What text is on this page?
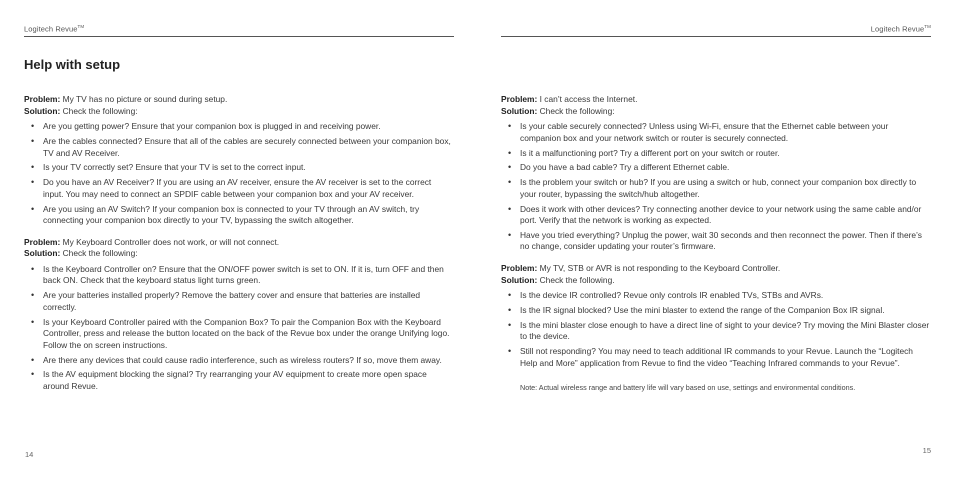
Logitech Revue™
Help with setup
Problem: My TV has no picture or sound during setup.
Solution: Check the following:
• Are you getting power? Ensure that your companion box is plugged in and receiving power.
• Are the cables connected? Ensure that all of the cables are securely connected between your companion box, TV and AV Receiver.
• Is your TV correctly set? Ensure that your TV is set to the correct input.
• Do you have an AV Receiver? If you are using an AV receiver, ensure the AV receiver is set to the correct input. You may need to connect an SPDIF cable between your companion box and your AV receiver.
• Are you using an AV Switch? If your companion box is connected to your TV through an AV switch, try connecting your companion box directly to your TV, bypassing the switch altogether.
Problem: My Keyboard Controller does not work, or will not connect.
Solution: Check the following:
• Is the Keyboard Controller on? Ensure that the ON/OFF power switch is set to ON. If it is, turn OFF and then back ON. Check that the keyboard status light turns green.
• Are your batteries installed properly? Remove the battery cover and ensure that batteries are installed correctly.
• Is your Keyboard Controller paired with the Companion Box? To pair the Companion Box with the Keyboard Controller, press and release the button located on the back of the Revue box under the orange Unifying logo. Follow the on screen instructions.
• Are there any devices that could cause radio interference, such as wireless routers? If so, move them away.
• Is the AV equipment blocking the signal? Try rearranging your AV equipment to create more open space around Revue.
14
Logitech Revue™
Problem: I can’t access the Internet.
Solution: Check the following:
• Is your cable securely connected? Unless using Wi-Fi, ensure that the Ethernet cable between your companion box and your network switch or router is securely connected.
• Is it a malfunctioning port? Try a different port on your switch or router.
• Do you have a bad cable? Try a different Ethernet cable.
• Is the problem your switch or hub? If you are using a switch or hub, connect your companion box directly to your router, bypassing the switch/hub altogether.
• Does it work with other devices? Try connecting another device to your network using the same cable and/or port. Verify that the network is working as expected.
• Have you tried everything? Unplug the power, wait 30 seconds and then reconnect the power. Then if there’s no change, consider updating your router’s firmware.
Problem: My TV, STB or AVR is not responding to the Keyboard Controller.
Solution: Check the following.
• Is the device IR controlled? Revue only controls IR enabled TVs, STBs and AVRs.
• Is the IR signal blocked? Use the mini blaster to extend the range of the Companion Box IR signal.
• Is the mini blaster close enough to have a direct line of sight to your device? Try moving the Mini Blaster closer to the device.
• Still not responding? You may need to teach additional IR commands to your Revue. Launch the “Logitech Help and More” application from Revue to find the video “Teaching Infrared commands to your Revue”.

Note: Actual wireless range and battery life will vary based on use, settings and environmental conditions.

15
